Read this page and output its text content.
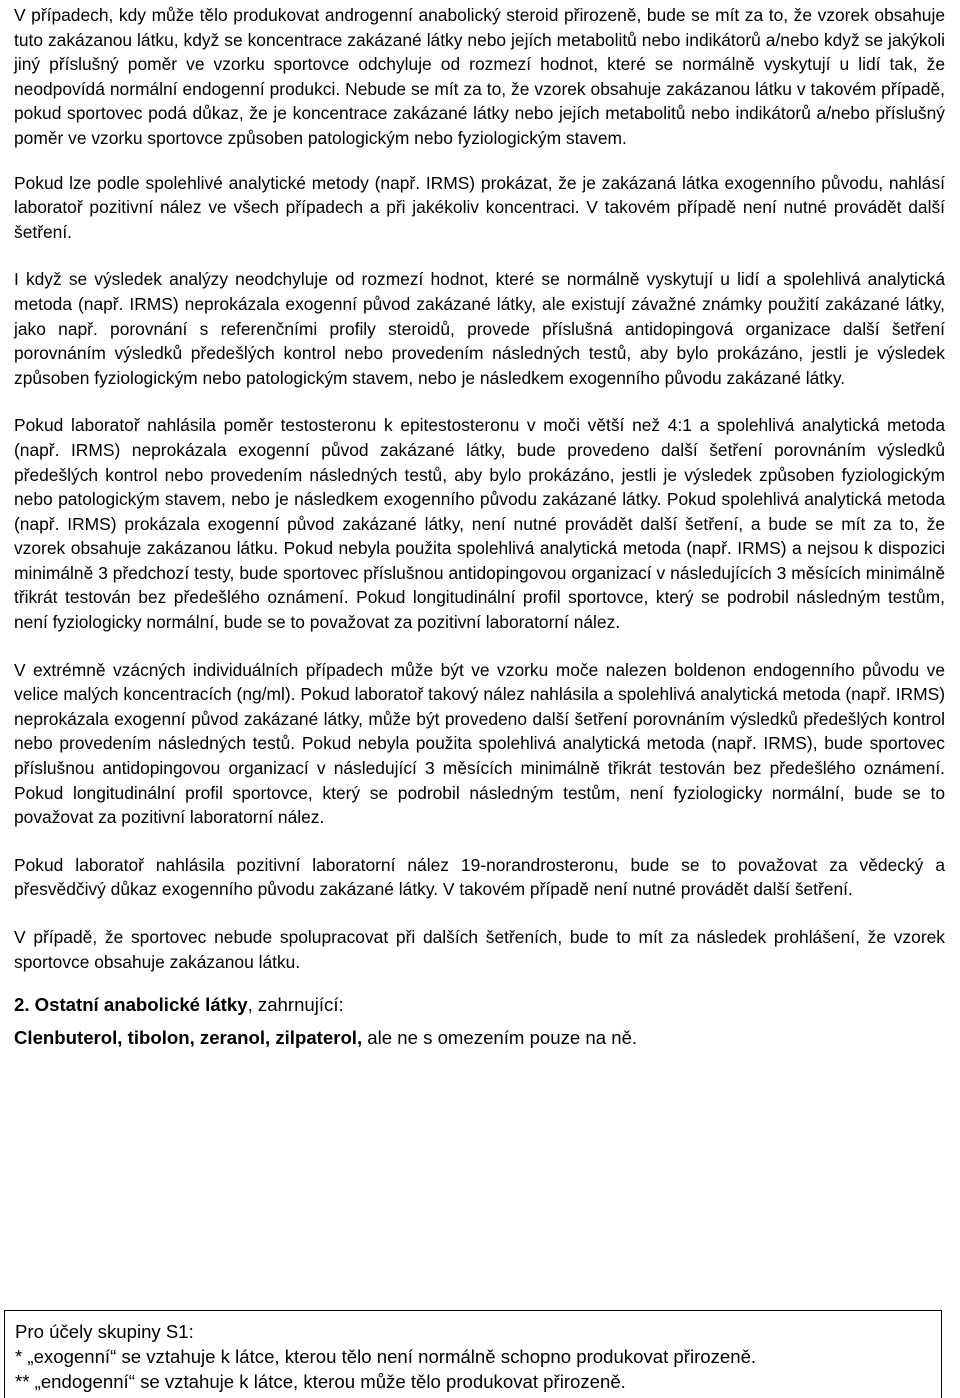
V případech, kdy může tělo produkovat androgenní anabolický steroid přirozeně, bude se mít za to, že vzorek obsahuje tuto zakázanou látku, když se koncentrace zakázané látky nebo jejích metabolitů nebo indikátorů a/nebo když se jakýkoli jiný příslušný poměr ve vzorku sportovce odchyluje od rozmezí hodnot, které se normálně vyskytují u lidí tak, že neodpovídá normální endogenní produkci. Nebude se mít za to, že vzorek obsahuje zakázanou látku v takovém případě, pokud sportovec podá důkaz, že je koncentrace zakázané látky nebo jejích metabolitů nebo indikátorů a/nebo příslušný poměr ve vzorku sportovce způsoben patologickým nebo fyziologickým stavem.

Pokud lze podle spolehlivé analytické metody (např. IRMS) prokázat, že je zakázaná látka exogenního původu, nahlásí laboratoř pozitivní nález ve všech případech a při jakékoliv koncentraci. V takovém případě není nutné provádět další šetření.

I když se výsledek analýzy neodchyluje od rozmezí hodnot, které se normálně vyskytují u lidí a spolehlivá analytická metoda (např. IRMS) neprokázala exogenní původ zakázané látky, ale existují závažné známky použití zakázané látky, jako např. porovnání s referenčními profily steroidů, provede příslušná antidopingová organizace další šetření porovnáním výsledků předešlých kontrol nebo provedením následných testů, aby bylo prokázáno, jestli je výsledek způsoben fyziologickým nebo patologickým stavem, nebo je následkem exogenního původu zakázané látky.

Pokud laboratoř nahlásila poměr testosteronu k epitestosteronu v moči větší než 4:1 a spolehlivá analytická metoda (např. IRMS) neprokázala exogenní původ zakázané látky, bude provedeno další šetření porovnáním výsledků předešlých kontrol nebo provedením následných testů, aby bylo prokázáno, jestli je výsledek způsoben fyziologickým nebo patologickým stavem, nebo je následkem exogenního původu zakázané látky. Pokud spolehlivá analytická metoda (např. IRMS) prokázala exogenní původ zakázané látky, není nutné provádět další šetření, a bude se mít za to, že vzorek obsahuje zakázanou látku. Pokud nebyla použita spolehlivá analytická metoda (např. IRMS) a nejsou k dispozici minimálně 3 předchozí testy, bude sportovec příslušnou antidopingovou organizací v následujících 3 měsících minimálně třikrát testován bez předešlého oznámení. Pokud longitudinální profil sportovce, který se podrobil následným testům, není fyziologicky normální, bude se to považovat za pozitivní laboratorní nález.

V extrémně vzácných individuálních případech může být ve vzorku moče nalezen boldenon endogenního původu ve velice malých koncentracích (ng/ml). Pokud laboratoř takový nález nahlásila a spolehlivá analytická metoda (např. IRMS) neprokázala exogenní původ zakázané látky, může být provedeno další šetření porovnáním výsledků předešlých kontrol nebo provedením následných testů. Pokud nebyla použita spolehlivá analytická metoda (např. IRMS), bude sportovec příslušnou antidopingovou organizací v následující 3 měsících minimálně třikrát testován bez předešlého oznámení. Pokud longitudinální profil sportovce, který se podrobil následným testům, není fyziologicky normální, bude se to považovat za pozitivní laboratorní nález.

Pokud laboratoř nahlásila pozitivní laboratorní nález 19-norandrosteronu, bude se to považovat za vědecký a přesvědčivý důkaz exogenního původu zakázané látky. V takovém případě není nutné provádět další šetření.

V případě, že sportovec nebude spolupracovat při dalších šetřeních, bude to mít za následek prohlášení, že vzorek sportovce obsahuje zakázanou látku.

2. Ostatní anabolické látky, zahrnující:
Clenbuterol, tibolon, zeranol, zilpaterol, ale ne s omezením pouze na ně.
Pro účely skupiny S1:
* „exogenní“ se vztahuje k látce, kterou tělo není normálně schopno produkovat přirozeně.
** „endogenní“ se vztahuje k látce, kterou může tělo produkovat přirozeně.
